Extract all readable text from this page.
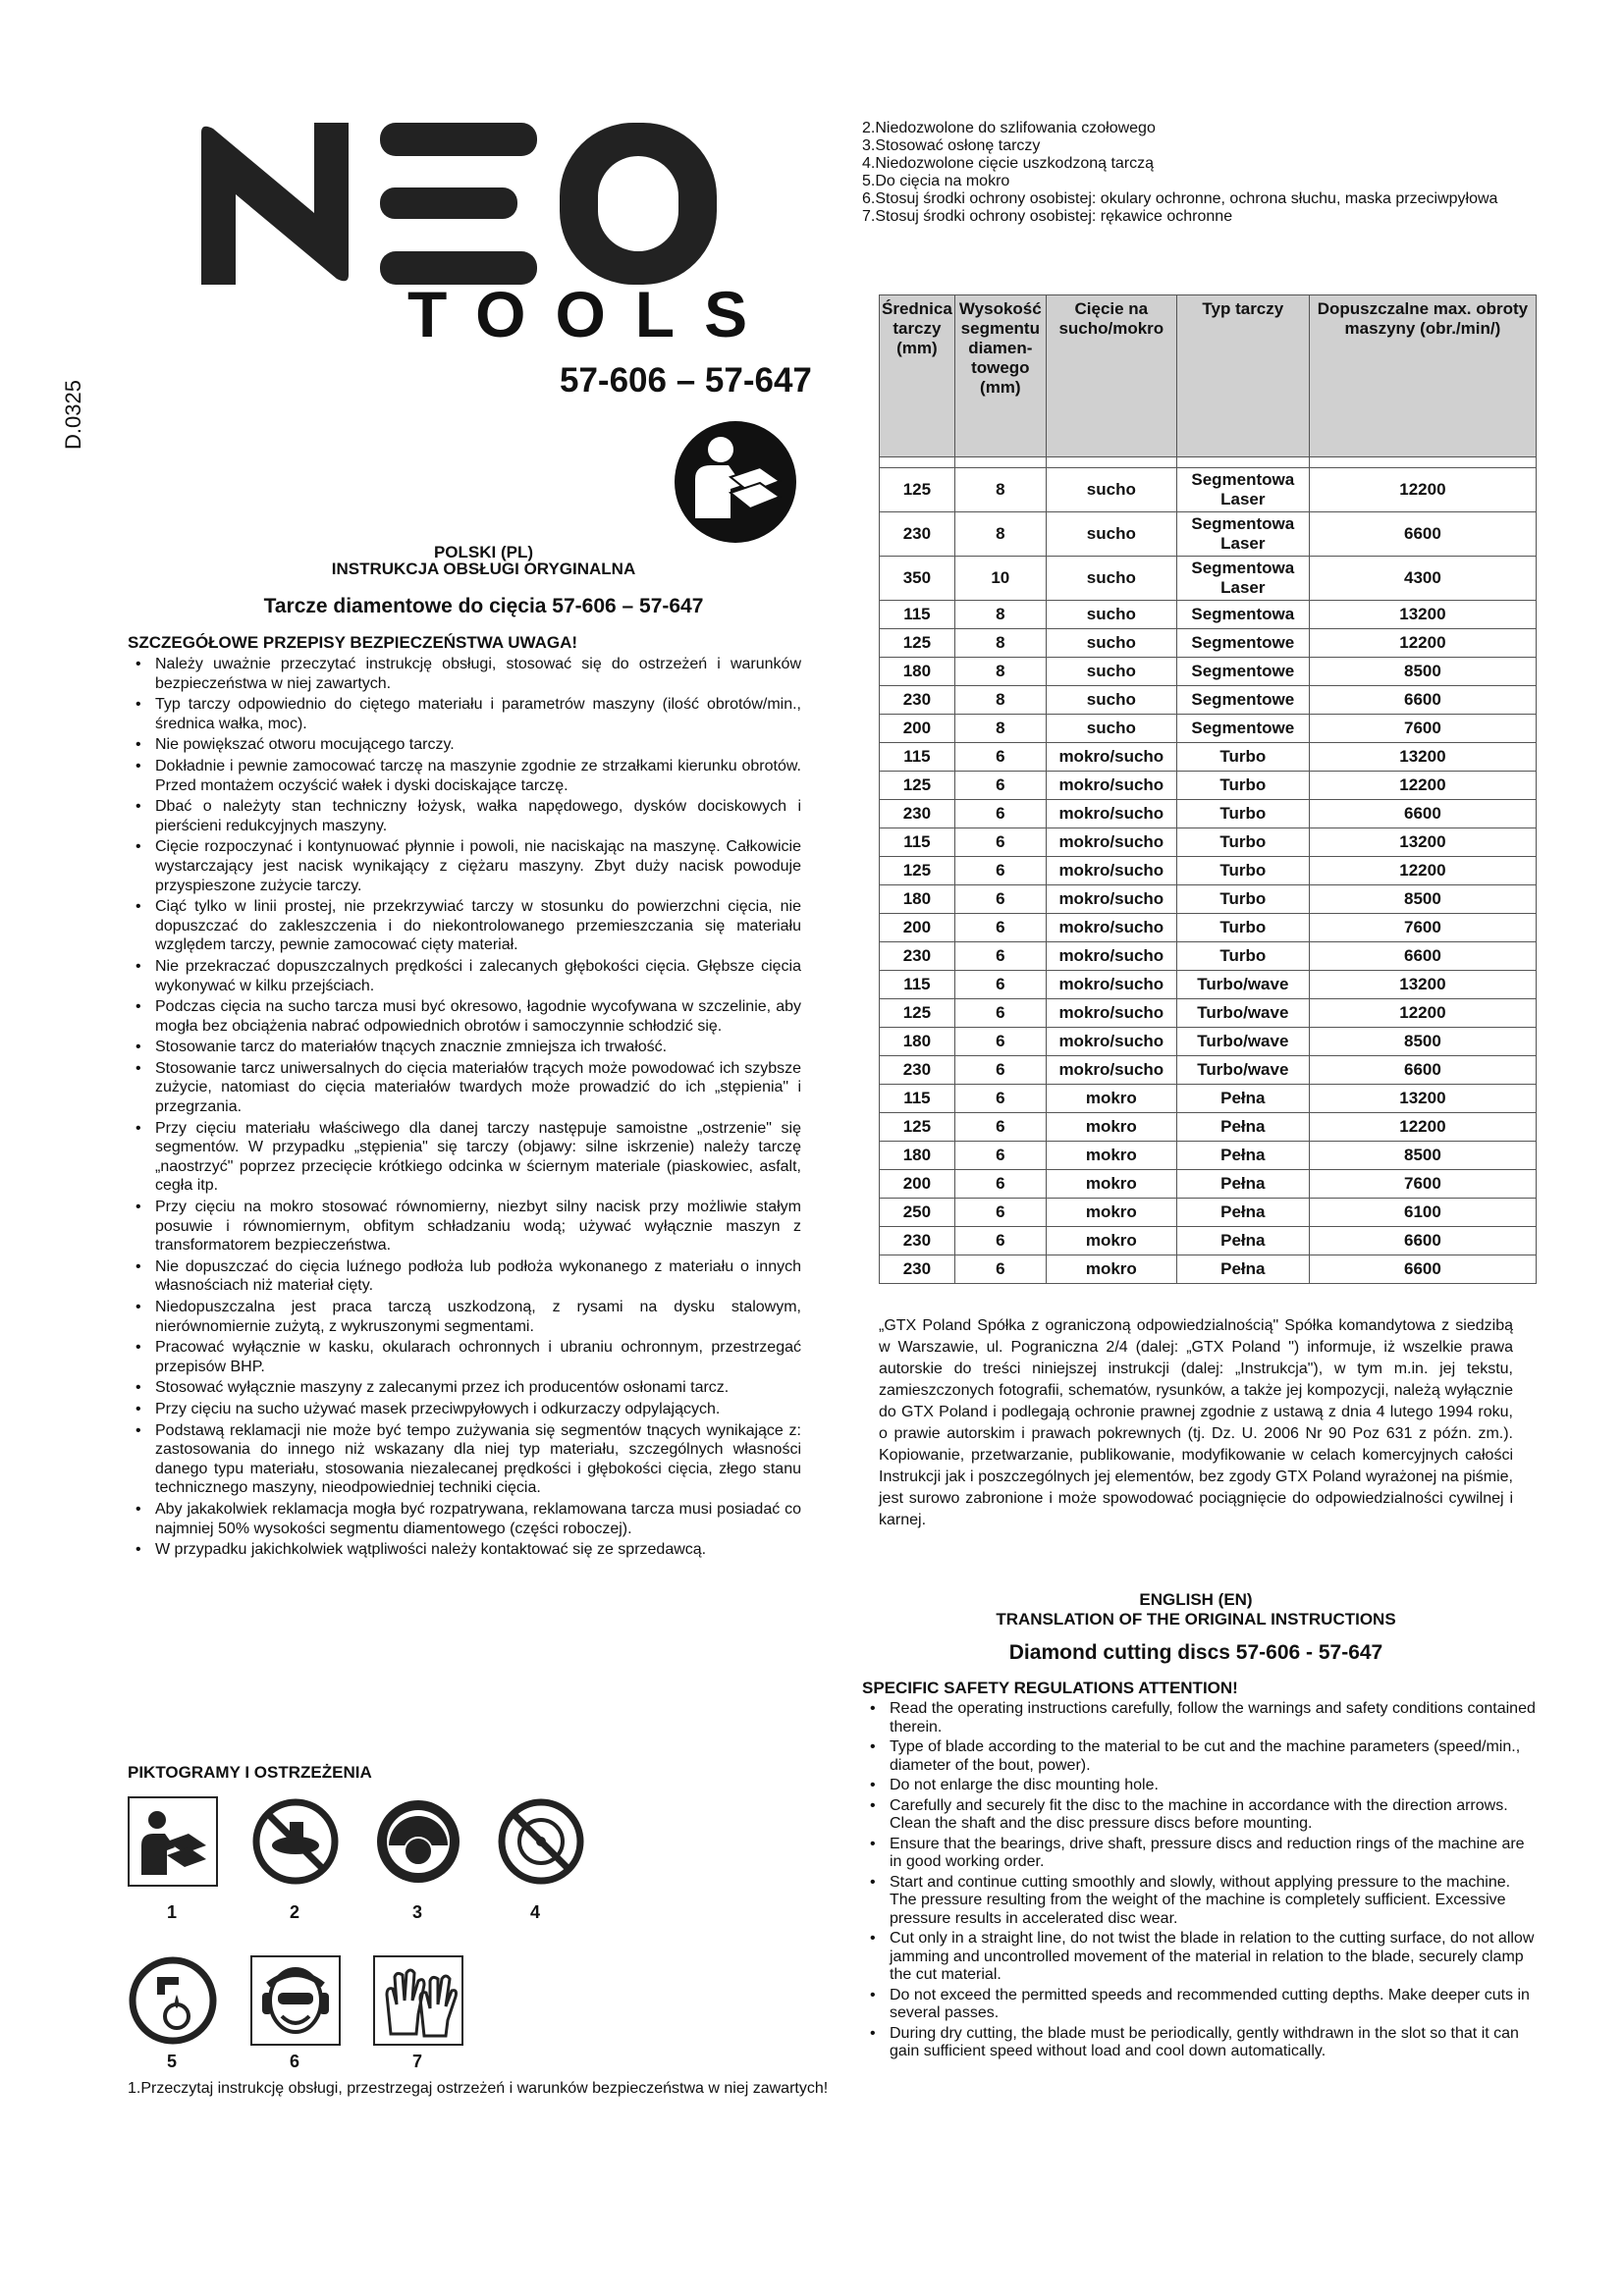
TOOLS
57-606 – 57-647
D.0325
POLSKI (PL)
INSTRUKCJA OBSŁUGI ORYGINALNA
Tarcze diamentowe do cięcia 57-606 – 57-647
SZCZEGÓŁOWE PRZEPISY BEZPIECZEŃSTWA UWAGA!
• Należy uważnie przeczytać instrukcję obsługi, stosować się do ostrzeżeń i warunków bezpieczeństwa w niej zawartych.
• Typ tarczy odpowiednio do ciętego materiału i parametrów maszyny (ilość obrotów/min., średnica wałka, moc).
• Nie powiększać otworu mocującego tarczy.
• Dokładnie i pewnie zamocować tarczę na maszynie zgodnie ze strzałkami kierunku obrotów. Przed montażem oczyścić wałek i dyski dociskające tarczę.
• Dbać o należyty stan techniczny łożysk, wałka napędowego, dysków dociskowych i pierścieni redukcyjnych maszyny.
• Cięcie rozpoczynać i kontynuować płynnie i powoli, nie naciskając na maszynę. Całkowicie wystarczający jest nacisk wynikający z ciężaru maszyny. Zbyt duży nacisk powoduje przyspieszone zużycie tarczy.
• Ciąć tylko w linii prostej, nie przekrzywiać tarczy w stosunku do powierzchni cięcia, nie dopuszczać do zakleszczenia i do niekontrolowanego przemieszczania się materiału względem tarczy, pewnie zamocować cięty materiał.
• Nie przekraczać dopuszczalnych prędkości i zalecanych głębokości cięcia. Głębsze cięcia wykonywać w kilku przejściach.
• Podczas cięcia na sucho tarcza musi być okresowo, łagodnie wycofywana w szczelinie, aby mogła bez obciążenia nabrać odpowiednich obrotów i samoczynnie schłodzić się.
• Stosowanie tarcz do materiałów tnących znacznie zmniejsza ich trwałość.
• Stosowanie tarcz uniwersalnych do cięcia materiałów trących może powodować ich szybsze zużycie, natomiast do cięcia materiałów twardych może prowadzić do ich „stępienia" i przegrzania.
• Przy cięciu materiału właściwego dla danej tarczy następuje samoistne „ostrzenie" się segmentów. W przypadku „stępienia" się tarczy (objawy: silne iskrzenie) należy tarczę „naostrzyć" poprzez przecięcie krótkiego odcinka w ściernym materiale (piaskowiec, asfalt, cegła itp.
• Przy cięciu na mokro stosować równomierny, niezbyt silny nacisk przy możliwie stałym posuwie i równomiernym, obfitym schładzaniu wodą; używać wyłącznie maszyn z transformatorem bezpieczeństwa.
• Nie dopuszczać do cięcia luźnego podłoża lub podłoża wykonanego z materiału o innych własnościach niż materiał cięty.
• Niedopuszczalna jest praca tarczą uszkodzoną, z rysami na dysku stalowym, nierównomiernie zużytą, z wykruszonymi segmentami.
• Pracować wyłącznie w kasku, okularach ochronnych i ubraniu ochronnym, przestrzegać przepisów BHP.
• Stosować wyłącznie maszyny z zalecanymi przez ich producentów osłonami tarcz.
• Przy cięciu na sucho używać masek przeciwpyłowych i odkurzaczy odpylających.
• Podstawą reklamacji nie może być tempo zużywania się segmentów tnących wynikające z: zastosowania do innego niż wskazany dla niej typ materiału, szczególnych własności danego typu materiału, stosowania niezalecanej prędkości i głębokości cięcia, złego stanu technicznego maszyny, nieodpowiedniej techniki cięcia.
• Aby jakakolwiek reklamacja mogła być rozpatrywana, reklamowana tarcza musi posiadać co najmniej 50% wysokości segmentu diamentowego (części roboczej).
• W przypadku jakichkolwiek wątpliwości należy kontaktować się ze sprzedawcą.
PIKTOGRAMY I OSTRZEŻENIA
1	2	3	4
5	6	7
1.Przeczytaj instrukcję obsługi, przestrzegaj ostrzeżeń i warunków bezpieczeństwa w niej zawartych!
2.Niedozwolone do szlifowania czołowego
3.Stosować osłonę tarczy
4.Niedozwolone cięcie uszkodzoną tarczą
5.Do cięcia na mokro
6.Stosuj środki ochrony osobistej: okulary ochronne, ochrona słuchu, maska przeciwpyłowa
7.Stosuj środki ochrony osobistej: rękawice ochronne
Średnica tarczy (mm)	Wysokość segmentu diamen-towego (mm)	Cięcie na sucho/mokro	Typ tarczy	Dopuszczalne max. obroty maszyny (obr./min/)

125	8	sucho	Segmentowa Laser	12200
230	8	sucho	Segmentowa Laser	6600
350	10	sucho	Segmentowa Laser	4300
115	8	sucho	Segmentowa	13200
125	8	sucho	Segmentowe	12200
180	8	sucho	Segmentowe	8500
230	8	sucho	Segmentowe	6600
200	8	sucho	Segmentowe	7600
115	6	mokro/sucho	Turbo	13200
125	6	mokro/sucho	Turbo	12200
230	6	mokro/sucho	Turbo	6600
115	6	mokro/sucho	Turbo	13200
125	6	mokro/sucho	Turbo	12200
180	6	mokro/sucho	Turbo	8500
200	6	mokro/sucho	Turbo	7600
230	6	mokro/sucho	Turbo	6600
115	6	mokro/sucho	Turbo/wave	13200
125	6	mokro/sucho	Turbo/wave	12200
180	6	mokro/sucho	Turbo/wave	8500
230	6	mokro/sucho	Turbo/wave	6600
115	6	mokro	Pełna	13200
125	6	mokro	Pełna	12200
180	6	mokro	Pełna	8500
200	6	mokro	Pełna	7600
250	6	mokro	Pełna	6100
230	6	mokro	Pełna	6600
230	6	mokro	Pełna	6600
„GTX Poland Spółka z ograniczoną odpowiedzialnością" Spółka komandytowa z siedzibą w Warszawie, ul. Pograniczna 2/4 (dalej: „GTX Poland ") informuje, iż wszelkie prawa autorskie do treści niniejszej instrukcji (dalej: „Instrukcja"), w tym m.in. jej tekstu, zamieszczonych fotografii, schematów, rysunków, a także jej kompozycji, należą wyłącznie do GTX Poland i podlegają ochronie prawnej zgodnie z ustawą z dnia 4 lutego 1994 roku, o prawie autorskim i prawach pokrewnych (tj. Dz. U. 2006 Nr 90 Poz 631 z późn. zm.). Kopiowanie, przetwarzanie, publikowanie, modyfikowanie w celach komercyjnych całości Instrukcji jak i poszczególnych jej elementów, bez zgody GTX Poland wyrażonej na piśmie, jest surowo zabronione i może spowodować pociągnięcie do odpowiedzialności cywilnej i karnej.
ENGLISH (EN)
TRANSLATION OF THE ORIGINAL INSTRUCTIONS
Diamond cutting discs 57-606 - 57-647
SPECIFIC SAFETY REGULATIONS ATTENTION!
• Read the operating instructions carefully, follow the warnings and safety conditions contained therein.
• Type of blade according to the material to be cut and the machine parameters (speed/min., diameter of the bout, power).
• Do not enlarge the disc mounting hole.
• Carefully and securely fit the disc to the machine in accordance with the direction arrows. Clean the shaft and the disc pressure discs before mounting.
• Ensure that the bearings, drive shaft, pressure discs and reduction rings of the machine are in good working order.
• Start and continue cutting smoothly and slowly, without applying pressure to the machine. The pressure resulting from the weight of the machine is completely sufficient. Excessive pressure results in accelerated disc wear.
• Cut only in a straight line, do not twist the blade in relation to the cutting surface, do not allow jamming and uncontrolled movement of the material in relation to the blade, securely clamp the cut material.
• Do not exceed the permitted speeds and recommended cutting depths. Make deeper cuts in several passes.
• During dry cutting, the blade must be periodically, gently withdrawn in the slot so that it can gain sufficient speed without load and cool down automatically.
